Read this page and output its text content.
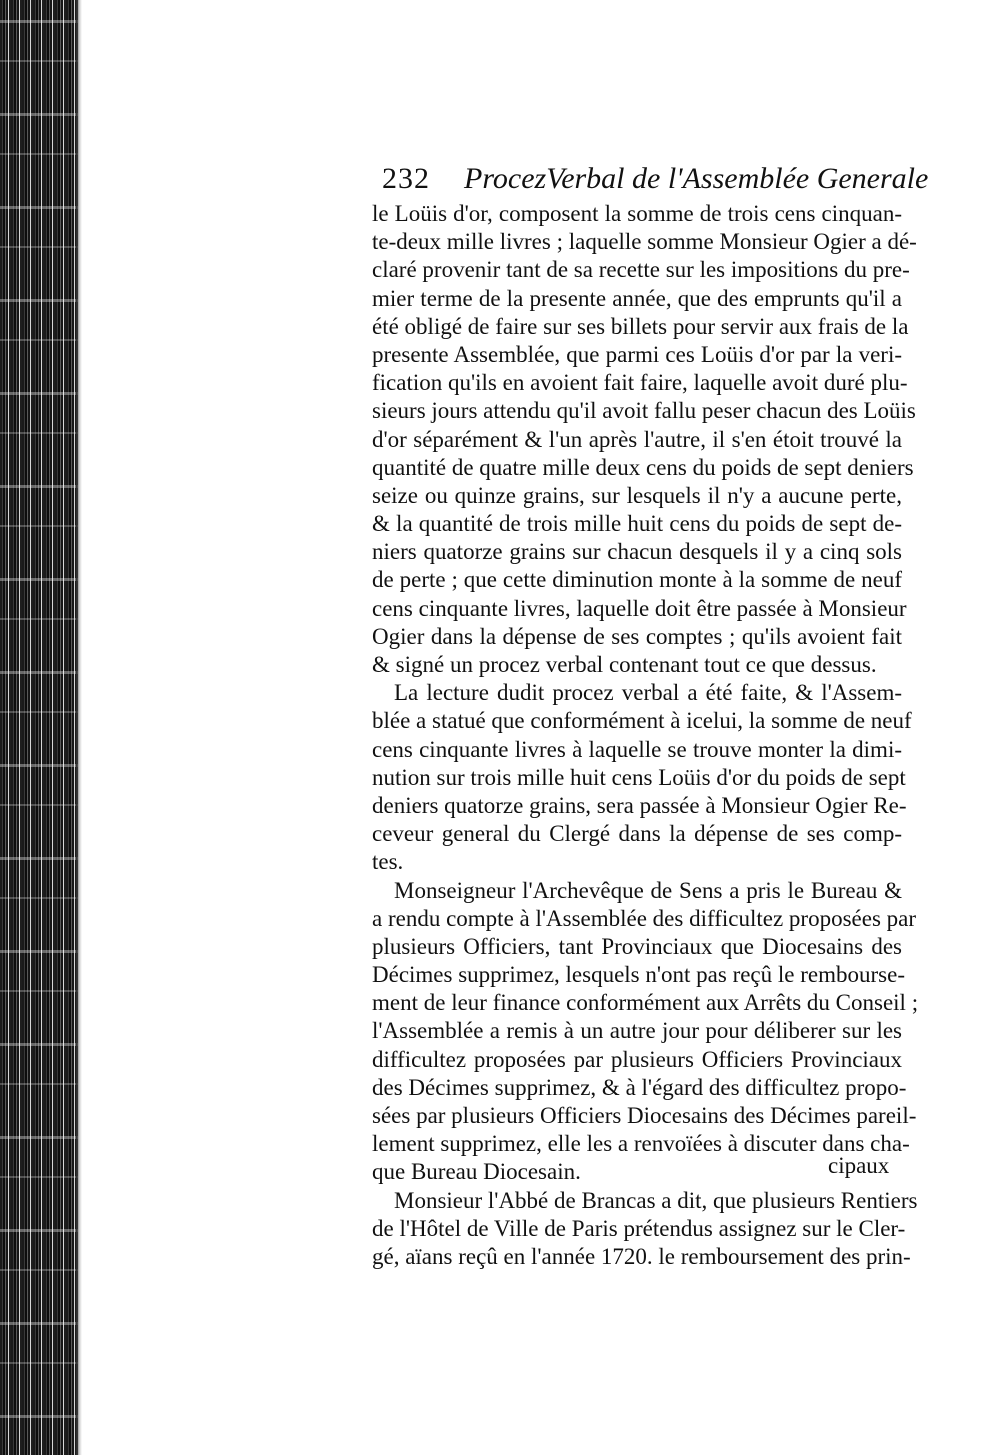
232 ProcezVerbal de l'Assemblée Generale
le Loüis d'or, composent la somme de trois cens cinquan-
te-deux mille livres ; laquelle somme Monsieur Ogier a dé-
claré provenir tant de sa recette sur les impositions du pre-
mier terme de la presente année, que des emprunts qu'il a
été obligé de faire sur ses billets pour servir aux frais de la
presente Assemblée, que parmi ces Loüis d'or par la veri-
fication qu'ils en avoient fait faire, laquelle avoit duré plu-
sieurs jours attendu qu'il avoit fallu peser chacun des Loüis
d'or séparément & l'un après l'autre, il s'en étoit trouvé la
quantité de quatre mille deux cens du poids de sept deniers
seize ou quinze grains, sur lesquels il n'y a aucune perte,
& la quantité de trois mille huit cens du poids de sept de-
niers quatorze grains sur chacun desquels il y a cinq sols
de perte ; que cette diminution monte à la somme de neuf
cens cinquante livres, laquelle doit être passée à Monsieur
Ogier dans la dépense de ses comptes ; qu'ils avoient fait
& signé un procez verbal contenant tout ce que dessus.
La lecture dudit procez verbal a été faite, & l'Assem-
blée a statué que conformément à icelui, la somme de neuf
cens cinquante livres à laquelle se trouve monter la dimi-
nution sur trois mille huit cens Loüis d'or du poids de sept
deniers quatorze grains, sera passée à Monsieur Ogier Re-
ceveur general du Clergé dans la dépense de ses comp-
tes.
Monseigneur l'Archevêque de Sens a pris le Bureau &
a rendu compte à l'Assemblée des difficultez proposées par
plusieurs Officiers, tant Provinciaux que Diocesains des
Décimes supprimez, lesquels n'ont pas reçû le rembourse-
ment de leur finance conformément aux Arrêts du Conseil ;
l'Assemblée a remis à un autre jour pour déliberer sur les
difficultez proposées par plusieurs Officiers Provinciaux
des Décimes supprimez, & à l'égard des difficultez propo-
sées par plusieurs Officiers Diocesains des Décimes pareil-
lement supprimez, elle les a renvoïées à discuter dans cha-
que Bureau Diocesain.
Monsieur l'Abbé de Brancas a dit, que plusieurs Rentiers
de l'Hôtel de Ville de Paris prétendus assignez sur le Cler-
gé, aïans reçû en l'année 1720. le remboursement des prin-
cipaux
